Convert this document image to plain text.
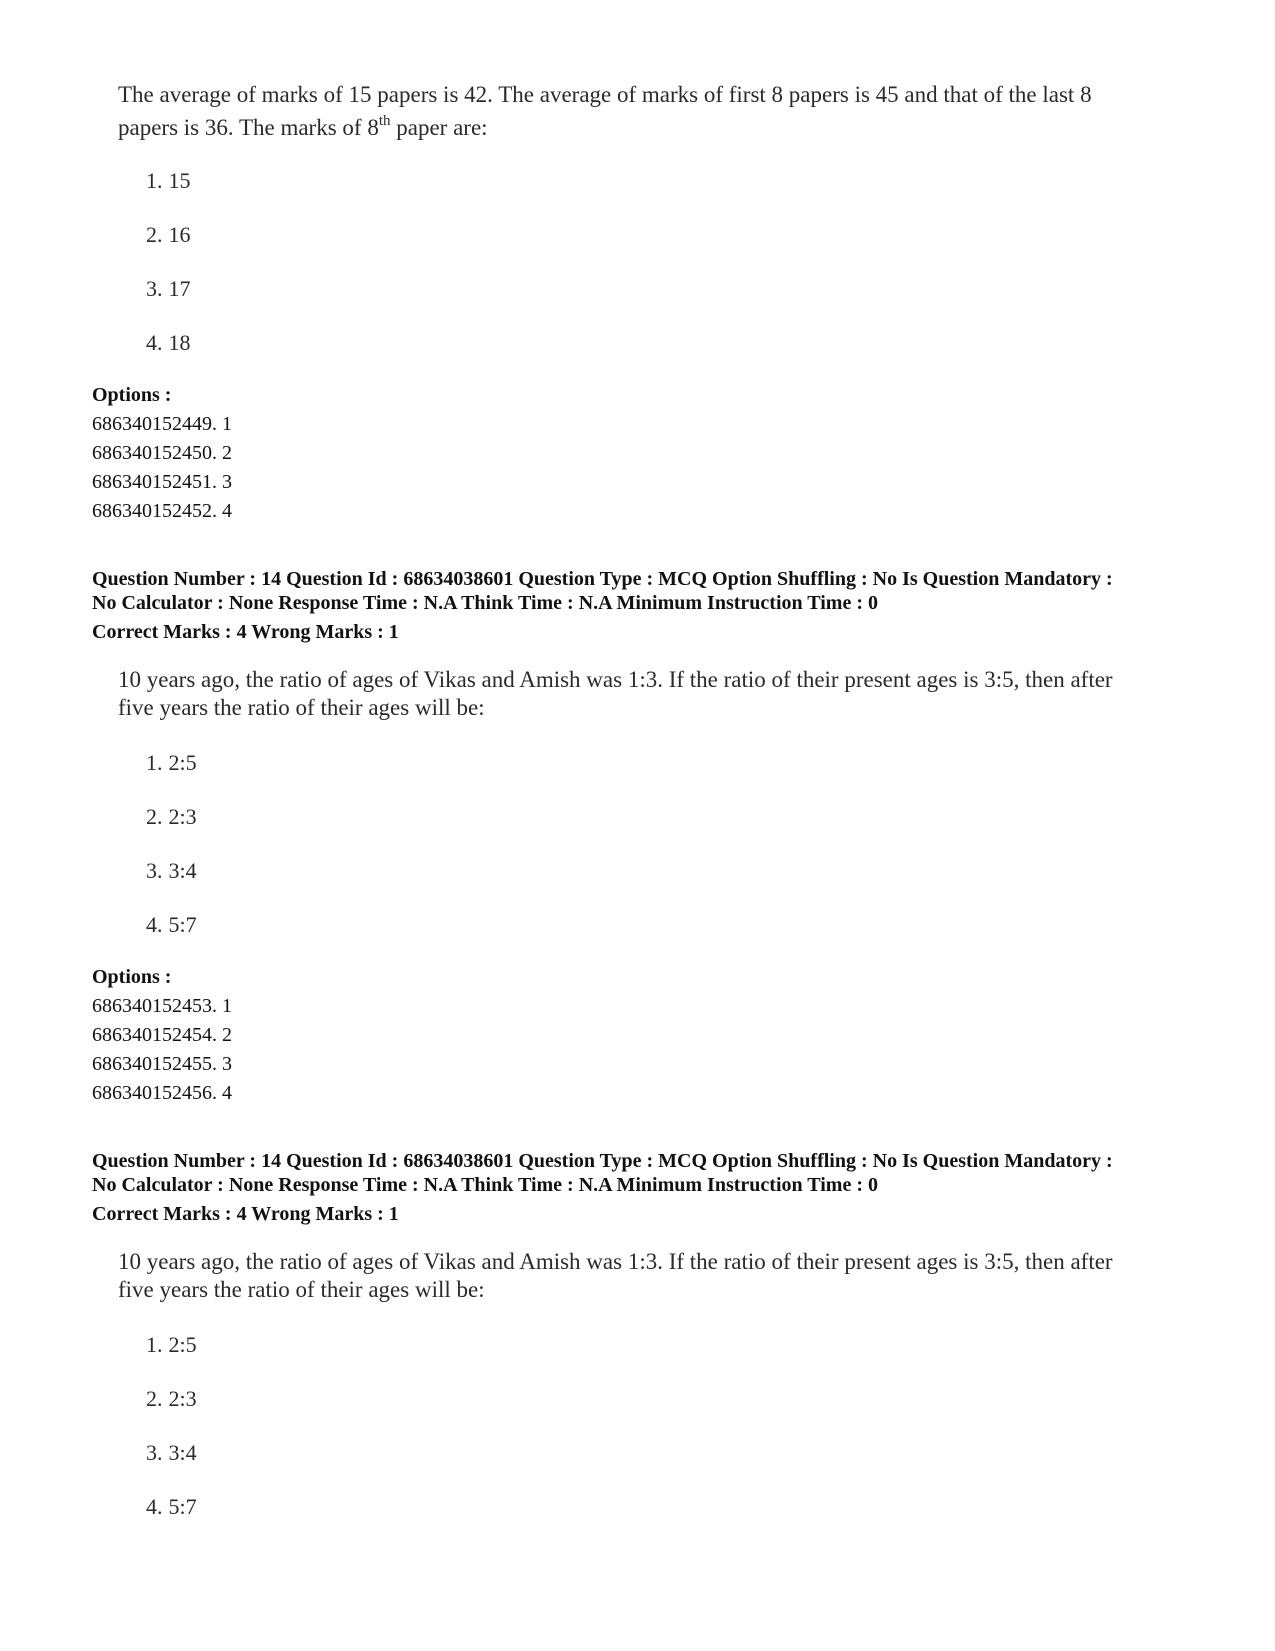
The average of marks of 15 papers is 42. The average of marks of first 8 papers is 45 and that of the last 8 papers is 36. The marks of 8th paper are:
1. 15
2. 16
3. 17
4. 18
Options :
686340152449. 1
686340152450. 2
686340152451. 3
686340152452. 4
Question Number : 14 Question Id : 68634038601 Question Type : MCQ Option Shuffling : No Is Question Mandatory :
No Calculator : None Response Time : N.A Think Time : N.A Minimum Instruction Time : 0
Correct Marks : 4 Wrong Marks : 1
10 years ago, the ratio of ages of Vikas and Amish was 1:3. If the ratio of their present ages is 3:5, then after five years the ratio of their ages will be:
1. 2:5
2. 2:3
3. 3:4
4. 5:7
Options :
686340152453. 1
686340152454. 2
686340152455. 3
686340152456. 4
Question Number : 14 Question Id : 68634038601 Question Type : MCQ Option Shuffling : No Is Question Mandatory :
No Calculator : None Response Time : N.A Think Time : N.A Minimum Instruction Time : 0
Correct Marks : 4 Wrong Marks : 1
10 years ago, the ratio of ages of Vikas and Amish was 1:3. If the ratio of their present ages is 3:5, then after five years the ratio of their ages will be:
1. 2:5
2. 2:3
3. 3:4
4. 5:7
